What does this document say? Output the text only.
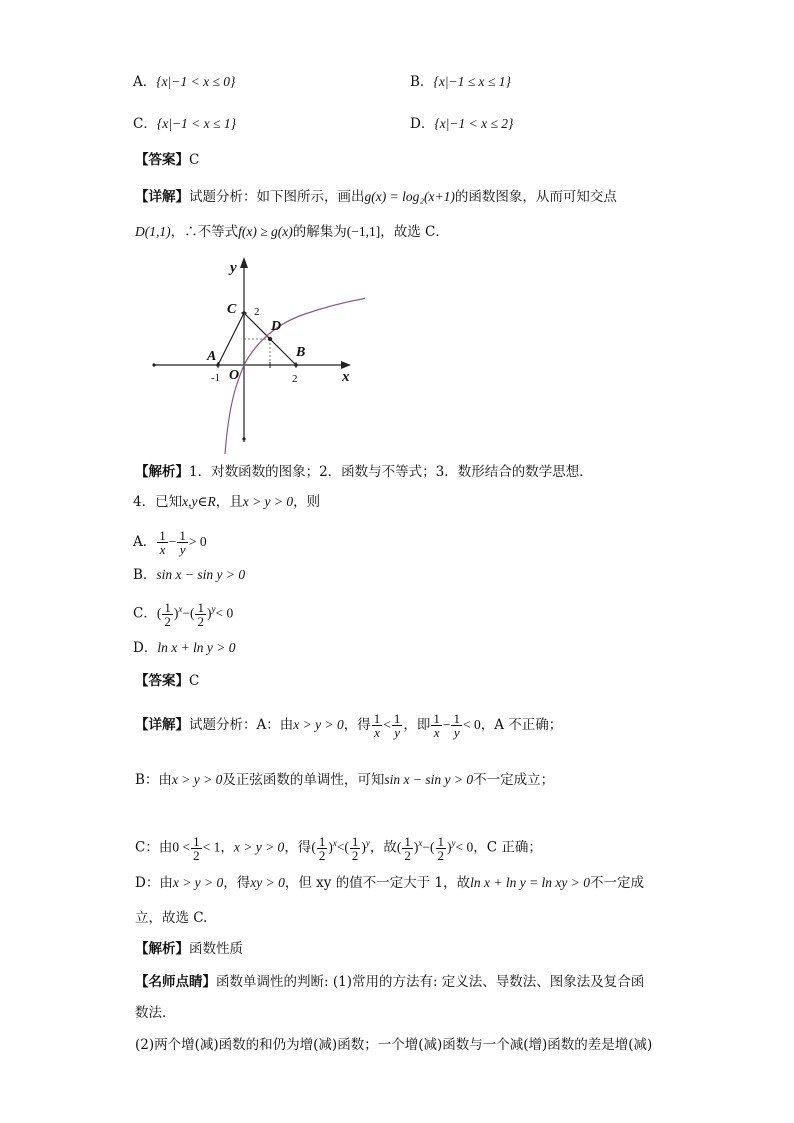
A．{x|−1 < x ≤ 0}	B．{x|−1 ≤ x ≤ 1}
C．{x|−1 < x ≤ 1}	D．{x|−1 < x ≤ 2}
【答案】C
【详解】试题分析：如下图所示，画出g(x) = log₂(x+1)的函数图象，从而可知交点
D(1,1)，∴不等式f(x) ≥ g(x)的解集为(−1,1]，故选 C．
y
x
C 2
D
A	B
O
-1	2
【解析】1．对数函数的图象；2．函数与不等式；3．数形结合的数学思想．
4．已知x,y∈R，且x > y > 0，则
A． $\frac{1}{x} - \frac{1}{y} > 0$
B．sin x − sin y > 0
C．( $\frac{1}{2} )^x-( \frac{1}{2} )^y< 0$
D．ln x + ln y > 0
【答案】C
【详解】试题分析：A：由x > y > 0，得 $\frac{1}{x} < \frac{1}{y}$ ，即 $\frac{1}{x} - \frac{1}{y} < 0$，A 不正确；
B：由x > y > 0及正弦函数的单调性，可知sin x − sin y > 0不一定成立；
C：由$0 < \frac{1}{2} < 1$，x > y > 0，得( $\frac{1}{2} )^x<( \frac{1}{2} )^y$，故( $\frac{1}{2} )^x-( \frac{1}{2} )^y< 0$，C 正确；
D：由x > y > 0，得xy > 0，但 xy 的值不一定大于 1，故ln x + ln y = ln xy > 0不一定成
立，故选 C.
【解析】函数性质
【名师点睛】函数单调性的判断: (1)常用的方法有: 定义法、导数法、图象法及复合函
数法．
(2)两个增(减)函数的和仍为增(减)函数；一个增(减)函数与一个减(增)函数的差是增(减)
